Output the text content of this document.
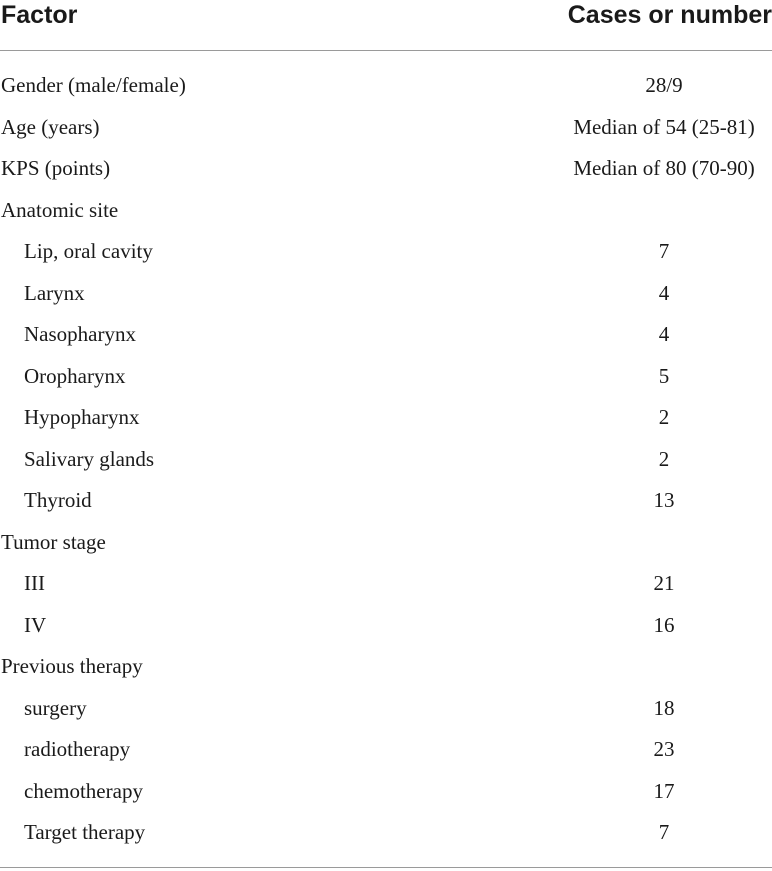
Factor	Cases or number
Gender (male/female)	28/9
Age (years)	Median of 54 (25-81)
KPS (points)	Median of 80 (70-90)
Anatomic site
Lip, oral cavity	7
Larynx	4
Nasopharynx	4
Oropharynx	5
Hypopharynx	2
Salivary glands	2
Thyroid	13
Tumor stage
III	21
IV	16
Previous therapy
surgery	18
radiotherapy	23
chemotherapy	17
Target therapy	7
